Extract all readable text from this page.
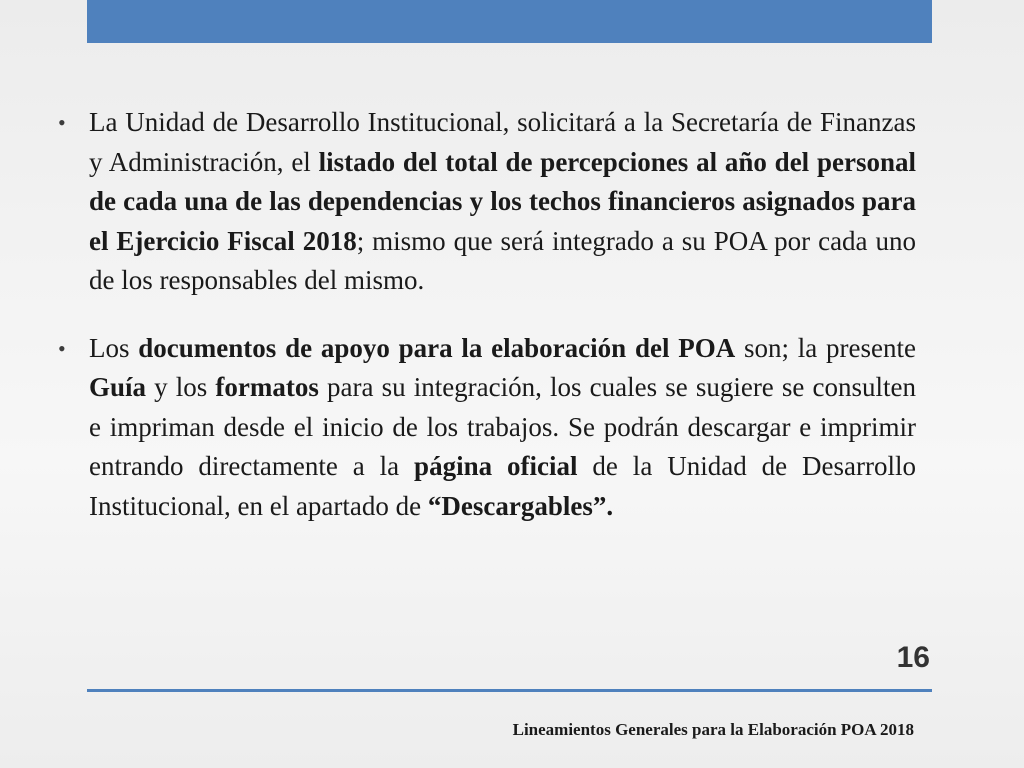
• La Unidad de Desarrollo Institucional, solicitará a la Secretaría de Finanzas y Administración, el listado del total de percepciones al año del personal de cada una de las dependencias y los techos financieros asignados para el Ejercicio Fiscal 2018; mismo que será integrado a su POA por cada uno de los responsables del mismo.

• Los documentos de apoyo para la elaboración del POA son; la presente Guía y los formatos para su integración, los cuales se sugiere se consulten e impriman desde el inicio de los trabajos. Se podrán descargar e imprimir entrando directamente a la página oficial de la Unidad de Desarrollo Institucional, en el apartado de “Descargables”.

16
Lineamientos Generales para la Elaboración POA 2018
